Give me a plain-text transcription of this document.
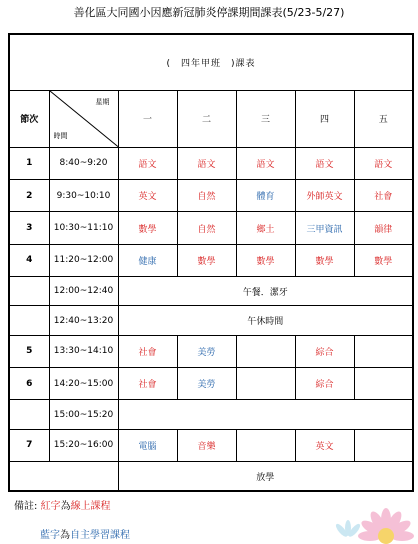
善化區大同國小因應新冠肺炎停課期間課表(5/23-5/27)
(　四年甲班　)課表						
節次	星期
時間	一	二	三	四	五
1	8:40~9:20	語文	語文	語文	語文	語文
2	9:30~10:10	英文	自然	體育	外師英文	社會
3	10:30~11:10	數學	自然	鄉土	三甲資訊	韻律
4	11:20~12:00	健康	數學	數學	數學	數學
	12:00~12:40	午餐．潔牙				
	12:40~13:20	午休時間				
5	13:30~14:10	社會	美勞		綜合	
6	14:20~15:00	社會	美勞		綜合	
	15:00~15:20					
7	15:20~16:00	電腦	音樂		英文	
		放學				
備註: 紅字為線上課程
藍字為自主學習課程
